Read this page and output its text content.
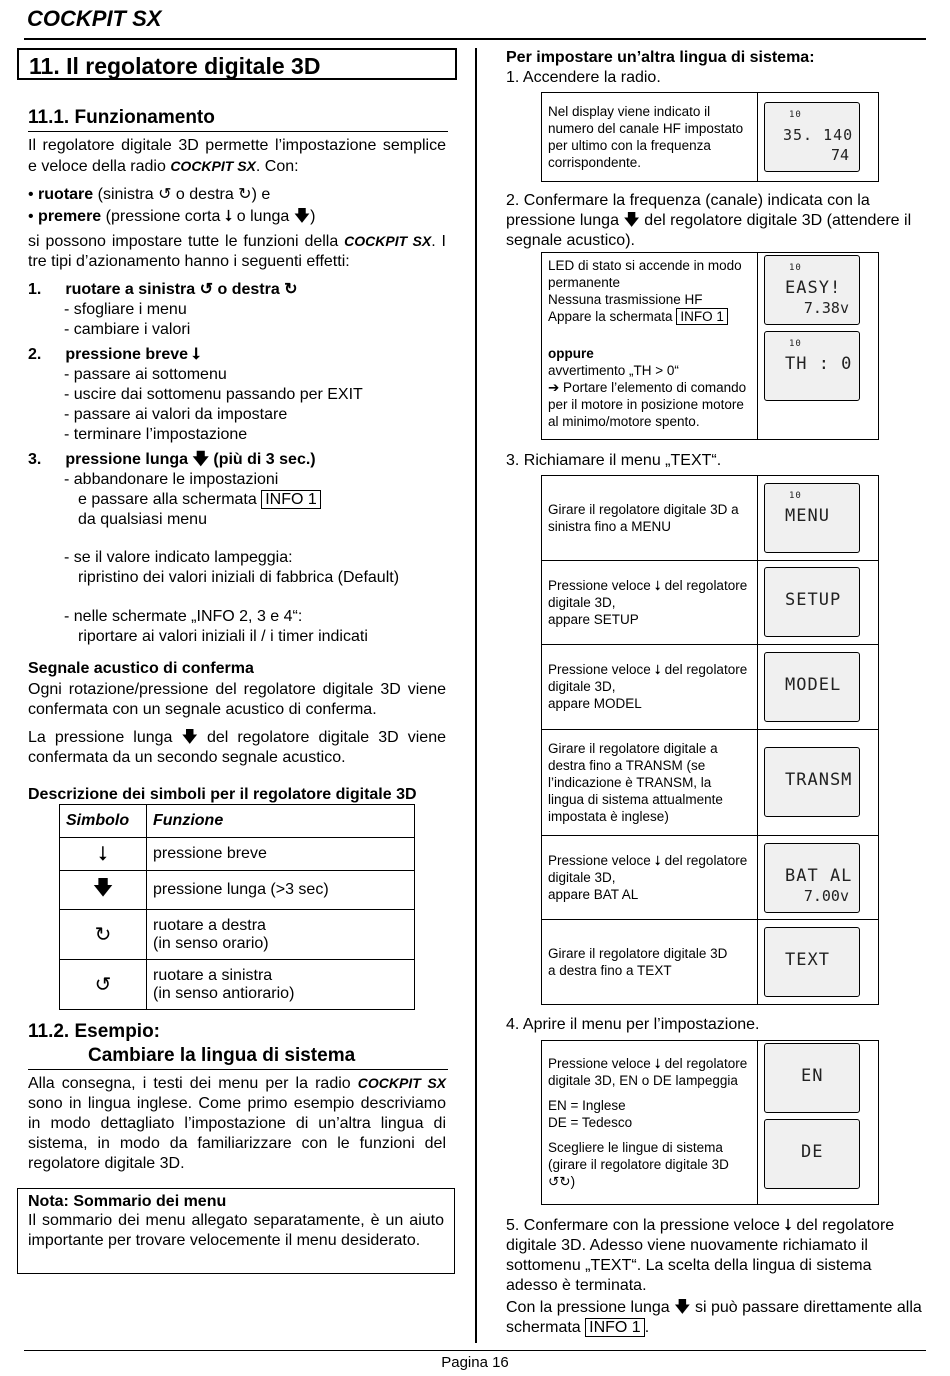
COCKPIT SX
Pagina 16
11. Il regolatore digitale 3D
11.1. Funzionamento
Il regolatore digitale 3D permette l’impostazione semplice e veloce della radio COCKPIT SX. Con:
• ruotare (sinistra ↺ o destra ↻) e
• premere (pressione corta ⭣ o lunga 🡇)
si possono impostare tutte le funzioni della COCKPIT SX. I tre tipi d’azionamento hanno i seguenti effetti:
1. ruotare a sinistra ↺ o destra ↻
- sfogliare i menu
- cambiare i valori
2. pressione breve ⭣
- passare ai sottomenu
- uscire dai sottomenu passando per EXIT
- passare ai valori da impostare
- terminare l’impostazione
3. pressione lunga 🡇 (più di 3 sec.)
- abbandonare le impostazioni
e passare alla schermata INFO 1
da qualsiasi menu
- se il valore indicato lampeggia:
ripristino dei valori iniziali di fabbrica (Default)
- nelle schermate „INFO 2, 3 e 4“:
riportare ai valori iniziali il / i timer indicati
Segnale acustico di conferma
Ogni rotazione/pressione del regolatore digitale 3D viene confermata con un segnale acustico di conferma.
La pressione lunga 🡇 del regolatore digitale 3D viene confermata da un secondo segnale acustico.
Descrizione dei simboli per il regolatore digitale 3D
Simbolo	Funzione
⭣	pressione breve
🡇	pressione lunga (>3 sec)
↻	ruotare a destra
(in senso orario)

↺	ruotare a sinistra
(in senso antiorario)
11.2. Esempio:
Cambiare la lingua di sistema
Alla consegna, i testi dei menu per la radio COCKPIT SX sono in lingua inglese. Come primo esempio descriviamo in modo dettagliato l’impostazione di un’altra lingua di sistema, in modo da familiarizzare con le funzioni del regolatore digitale 3D.
Nota: Sommario dei menu
Il sommario dei menu allegato separatamente, è un aiuto importante per trovare velocemente il menu desiderato.
Per impostare un’altra lingua di sistema:
1. Accendere la radio.
Nel display viene indicato il numero del canale HF impostato per ultimo con la frequenza corrispondente.	
10
35. 140
74
2. Confermare la frequenza (canale) indicata con la pressione lunga 🡇 del regolatore digitale 3D (attendere il segnale acustico).
LED di stato si accende in modo permanente
Nessuna trasmissione HF
Appare la schermata INFO 1
oppure
avvertimento „TH > 0“
➔ Portare l’elemento di comando per il motore in posizione motore al minimo/motore spento.

10
EASY!
7.38v
10
TH : 0
3. Richiamare il menu „TEXT“.
Girare il regolatore digitale 3D a sinistra fino a MENU	10
MENU

Pressione veloce ⭣ del regolatore digitale 3D,
appare SETUP	SETUP

Pressione veloce ⭣ del regolatore digitale 3D,
appare MODEL	MODEL

Girare il regolatore digitale a destra fino a TRANSM (se l’indicazione è TRANSM, la lingua di sistema attualmente impostata è inglese)	TRANSM

Pressione veloce ⭣ del regolatore digitale 3D,
appare BAT AL	BAT AL
7.00v

Girare il regolatore digitale 3D
a destra fino a TEXT	TEXT
4. Aprire il menu per l’impostazione.
Pressione veloce ⭣ del regolatore digitale 3D, EN o DE lampeggia
EN = Inglese
DE = Tedesco
Scegliere le lingue di sistema
(girare il regolatore digitale 3D ↺↻)

EN
DE
5. Confermare con la pressione veloce ⭣ del regolatore digitale 3D. Adesso viene nuovamente richiamato il sottomenu „TEXT“. La scelta della lingua di sistema adesso è terminata.
Con la pressione lunga 🡇 si può passare direttamente alla schermata INFO 1 .
